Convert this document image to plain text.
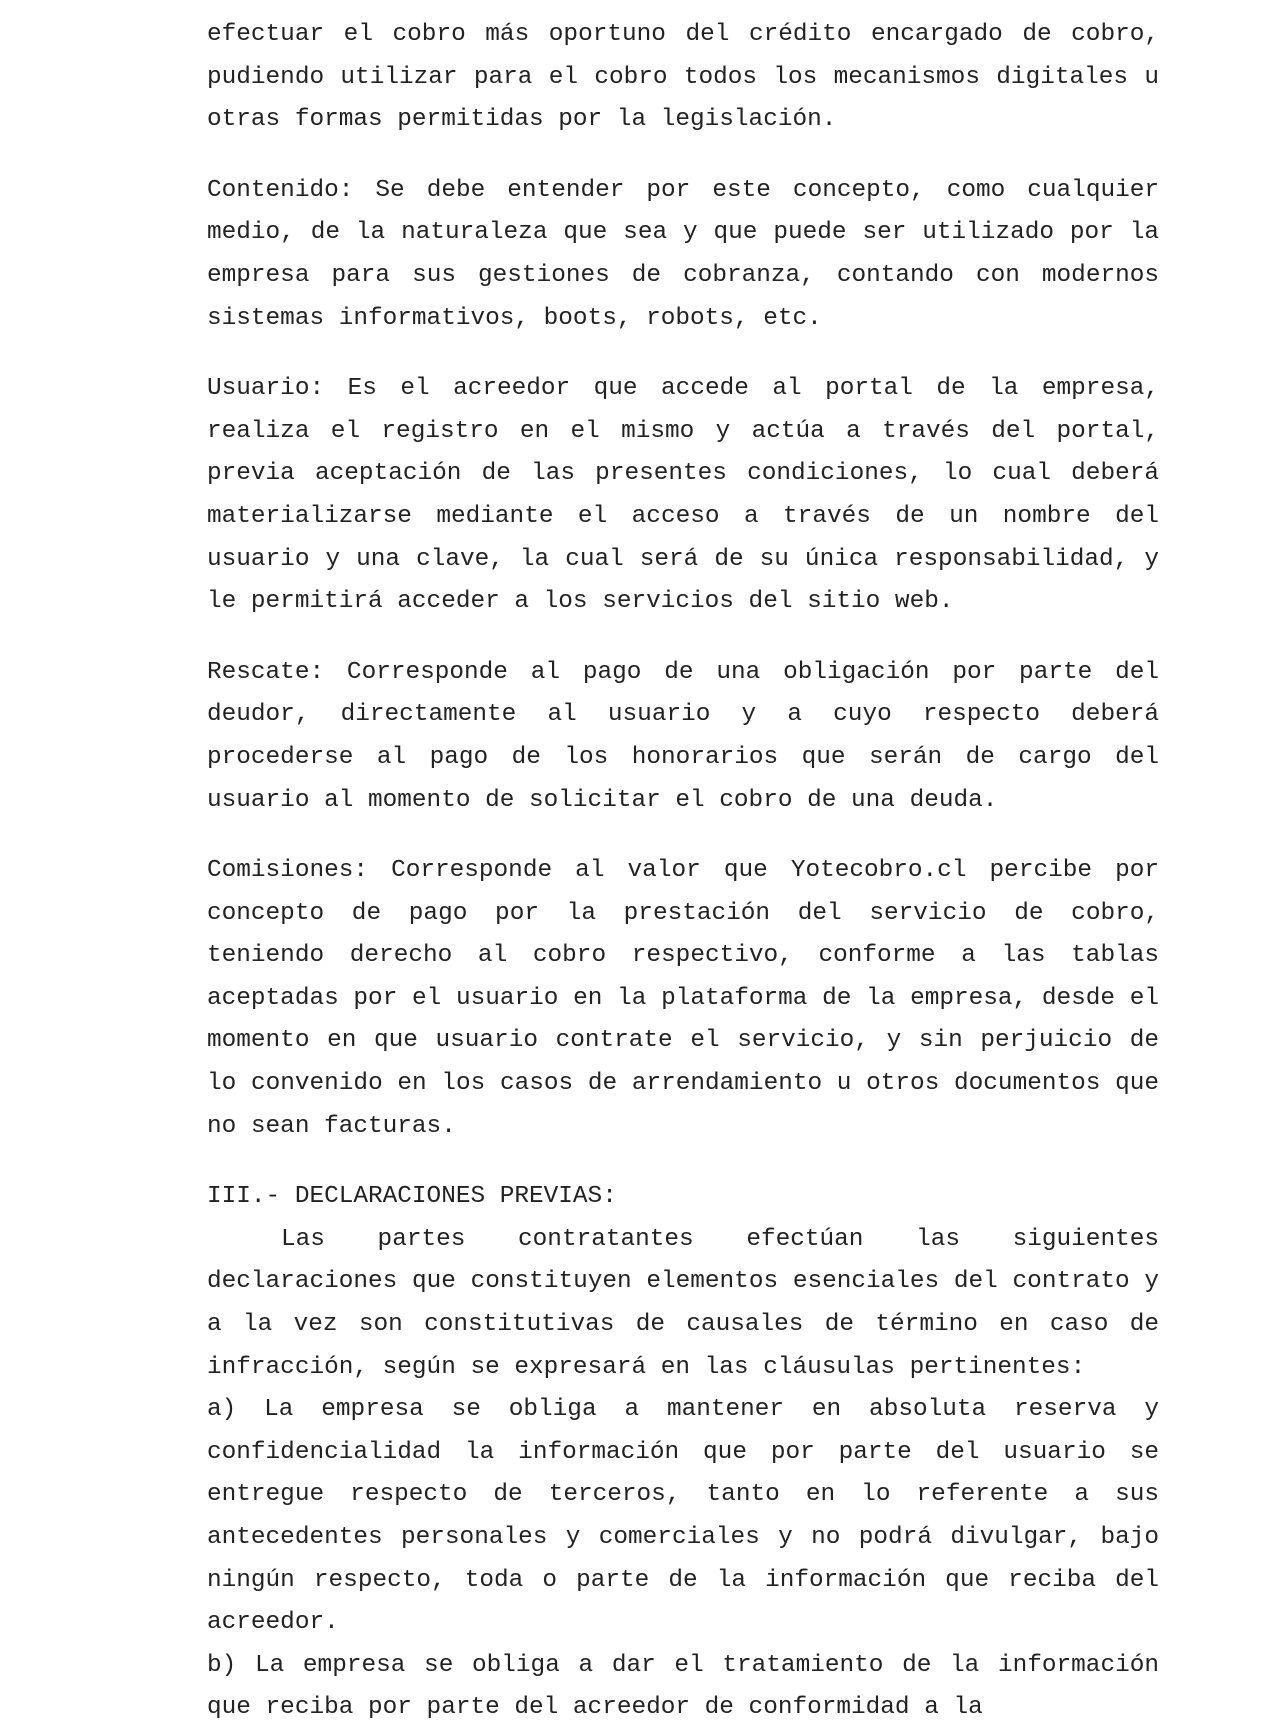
efectuar el cobro más oportuno del crédito encargado de cobro, pudiendo utilizar para el cobro todos los mecanismos digitales u otras formas permitidas por la legislación.

Contenido: Se debe entender por este concepto, como cualquier medio, de la naturaleza que sea y que puede ser utilizado por la empresa para sus gestiones de cobranza, contando con modernos sistemas informativos, boots, robots, etc.

Usuario: Es el acreedor que accede al portal de la empresa, realiza el registro en el mismo y actúa a través del portal, previa aceptación de las presentes condiciones, lo cual deberá materializarse mediante el acceso a través de un nombre del usuario y una clave, la cual será de su única responsabilidad, y le permitirá acceder a los servicios del sitio web.

Rescate: Corresponde al pago de una obligación por parte del deudor, directamente al usuario y a cuyo respecto deberá procederse al pago de los honorarios que serán de cargo del usuario al momento de solicitar el cobro de una deuda.

Comisiones: Corresponde al valor que Yotecobro.cl percibe por concepto de pago por la prestación del servicio de cobro, teniendo derecho al cobro respectivo, conforme a las tablas aceptadas por el usuario en la plataforma de la empresa, desde el momento en que usuario contrate el servicio, y sin perjuicio de lo convenido en los casos de arrendamiento u otros documentos que no sean facturas.

III.- DECLARACIONES PREVIAS:

Las partes contratantes efectúan las siguientes declaraciones que constituyen elementos esenciales del contrato y a la vez son constitutivas de causales de término en caso de infracción, según se expresará en las cláusulas pertinentes:

a) La empresa se obliga a mantener en absoluta reserva y confidencialidad la información que por parte del usuario se entregue respecto de terceros, tanto en lo referente a sus antecedentes personales y comerciales y no podrá divulgar, bajo ningún respecto, toda o parte de la información que reciba del acreedor.

b) La empresa se obliga a dar el tratamiento de la información que reciba por parte del acreedor de conformidad a la
